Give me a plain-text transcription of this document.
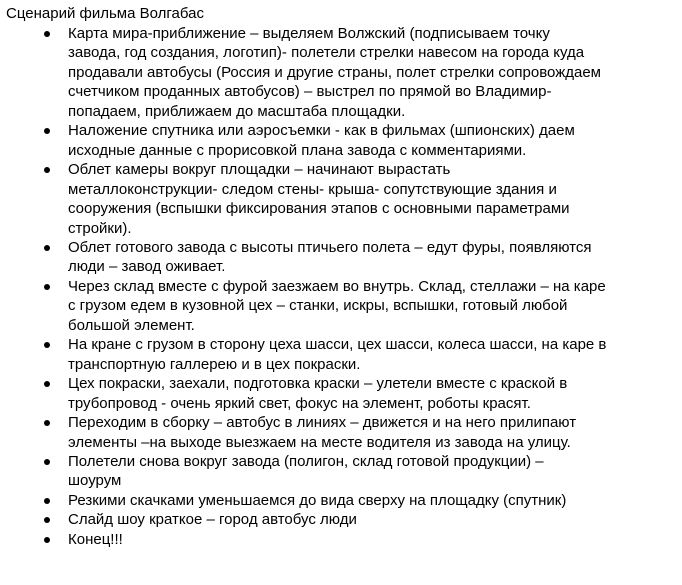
Сценарий фильма Волгабас
Карта мира-приближение – выделяем Волжский (подписываем точку
завода, год создания, логотип)- полетели стрелки навесом на города куда
продавали автобусы (Россия и другие страны, полет стрелки сопровождаем
счетчиком проданных автобусов) – выстрел по прямой во Владимир-
попадаем, приближаем до масштаба площадки.
Наложение спутника или аэросъемки - как в фильмах (шпионских) даем
исходные данные с прорисовкой плана завода с комментариями.
Облет камеры вокруг площадки – начинают вырастать
металлоконструкции- следом стены- крыша- сопутствующие здания и
сооружения (вспышки фиксирования этапов с основными параметрами
стройки).
Облет готового завода с высоты птичьего полета – едут фуры, появляются
люди – завод оживает.
Через склад вместе с фурой заезжаем во внутрь. Склад, стеллажи – на каре
с грузом едем в кузовной цех – станки, искры, вспышки, готовый любой
большой элемент.
На кране с грузом в сторону цеха шасси, цех шасси, колеса шасси, на каре в
транспортную галлерею и в цех покраски.
Цех покраски, заехали, подготовка краски – улетели вместе с краской в
трубопровод - очень яркий свет, фокус на элемент, роботы красят.
Переходим в сборку – автобус в линиях – движется и на него прилипают
элементы –на выходе выезжаем на месте водителя из завода на улицу.
Полетели снова вокруг завода (полигон, склад готовой продукции) –
шоурум
Резкими скачками уменьшаемся до вида сверху на площадку (спутник)
Слайд шоу краткое – город автобус люди
Конец!!!
